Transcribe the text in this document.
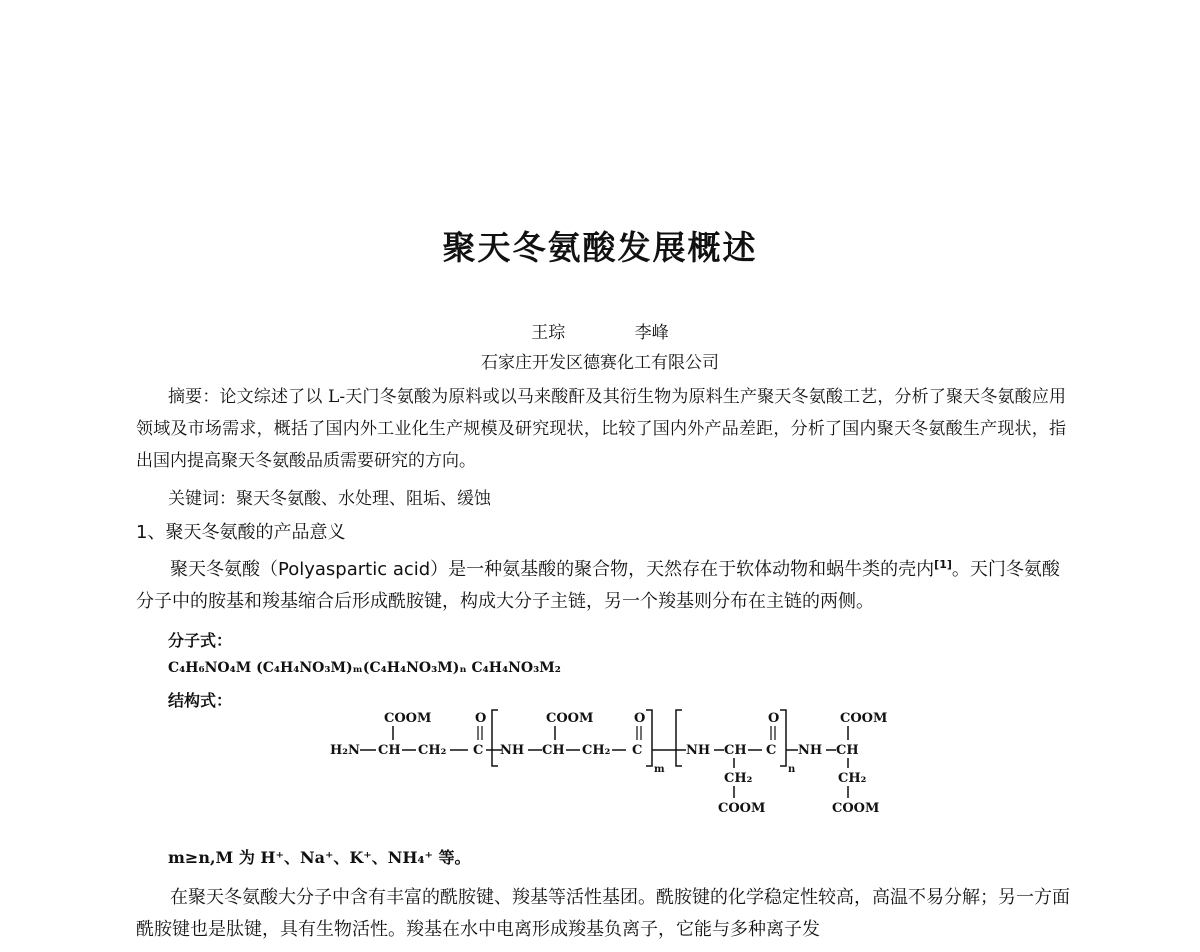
聚天冬氨酸发展概述
王琮	李峰
石家庄开发区德赛化工有限公司
摘要：论文综述了以 L-天门冬氨酸为原料或以马来酸酐及其衍生物为原料生产聚天冬氨酸工艺，分析了聚天冬氨酸应用领域及市场需求，概括了国内外工业化生产规模及研究现状，比较了国内外产品差距，分析了国内聚天冬氨酸生产现状，指出国内提高聚天冬氨酸品质需要研究的方向。
关键词：聚天冬氨酸、水处理、阻垢、缓蚀
1、聚天冬氨酸的产品意义
聚天冬氨酸（Polyaspartic acid）是一种氨基酸的聚合物，天然存在于软体动物和蜗牛类的壳内[1]。天门冬氨酸分子中的胺基和羧基缩合后形成酰胺键，构成大分子主链，另一个羧基则分布在主链的两侧。
分子式：
C₄H₆NO₄M (C₄H₄NO₃M)ₘ(C₄H₄NO₃M)ₙ C₄H₄NO₃M₂
结构式：
H₂N
COOM
CH CH₂
O
C NH
COOM
CH CH₂
O
C
m
NH CH
CH₂
COOM
O
C
n
NH
COOM
CH
CH₂
COOM
m≥n,M 为 H⁺、Na⁺、K⁺、NH₄⁺ 等。
在聚天冬氨酸大分子中含有丰富的酰胺键、羧基等活性基团。酰胺键的化学稳定性较高，高温不易分解；另一方面酰胺键也是肽键，具有生物活性。羧基在水中电离形成羧基负离子，它能与多种离子发
